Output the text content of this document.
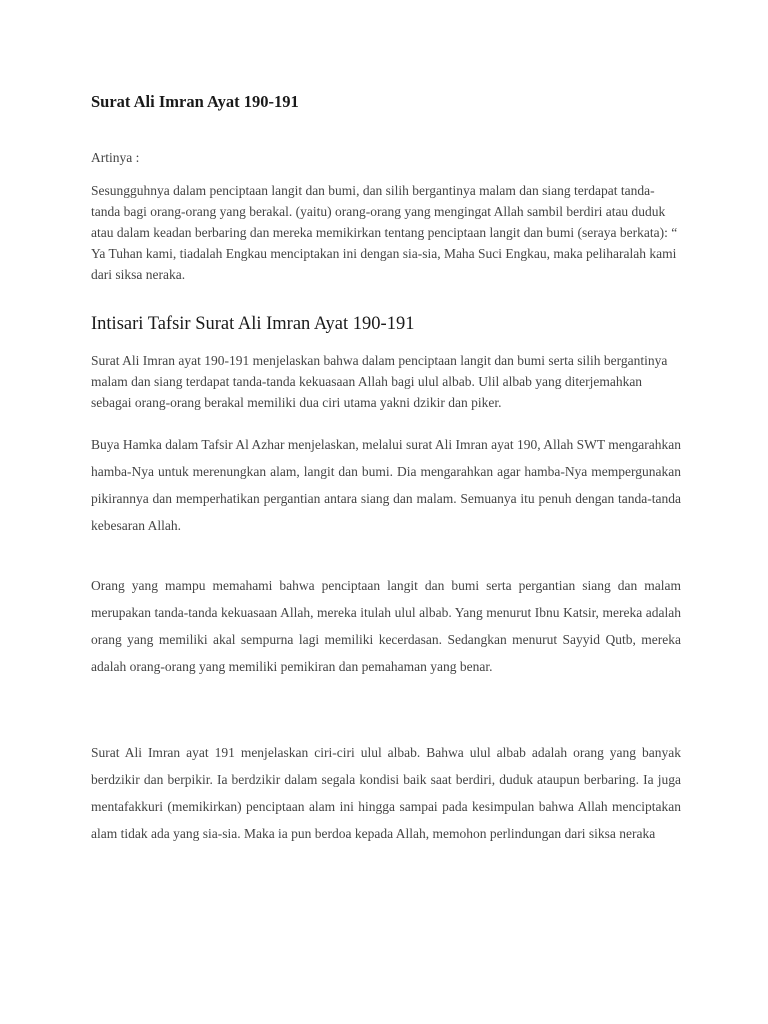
Surat Ali Imran Ayat 190-191

Artinya :

Sesungguhnya dalam penciptaan langit dan bumi, dan silih bergantinya malam dan siang terdapat tanda-tanda bagi orang-orang yang berakal. (yaitu) orang-orang yang mengingat Allah sambil berdiri atau duduk atau dalam keadan berbaring dan mereka memikirkan tentang penciptaan langit dan bumi (seraya berkata): “ Ya Tuhan kami, tiadalah Engkau menciptakan ini dengan sia-sia, Maha Suci Engkau, maka peliharalah kami dari siksa neraka.

Intisari Tafsir Surat Ali Imran Ayat 190-191

Surat Ali Imran ayat 190-191 menjelaskan bahwa dalam penciptaan langit dan bumi serta silih bergantinya malam dan siang terdapat tanda-tanda kekuasaan Allah bagi ulul albab. Ulil albab yang diterjemahkan sebagai orang-orang berakal memiliki dua ciri utama yakni dzikir dan piker.

Buya Hamka dalam Tafsir Al Azhar menjelaskan, melalui surat Ali Imran ayat 190, Allah SWT mengarahkan hamba-Nya untuk merenungkan alam, langit dan bumi. Dia mengarahkan agar hamba-Nya mempergunakan pikirannya dan memperhatikan pergantian antara siang dan malam. Semuanya itu penuh dengan tanda-tanda kebesaran Allah.

Orang yang mampu memahami bahwa penciptaan langit dan bumi serta pergantian siang dan malam merupakan tanda-tanda kekuasaan Allah, mereka itulah ulul albab. Yang menurut Ibnu Katsir, mereka adalah orang yang memiliki akal sempurna lagi memiliki kecerdasan. Sedangkan menurut Sayyid Qutb, mereka adalah orang-orang yang memiliki pemikiran dan pemahaman yang benar.

Surat Ali Imran ayat 191 menjelaskan ciri-ciri ulul albab. Bahwa ulul albab adalah orang yang banyak berdzikir dan berpikir. Ia berdzikir dalam segala kondisi baik saat berdiri, duduk ataupun berbaring. Ia juga mentafakkuri (memikirkan) penciptaan alam ini hingga sampai pada kesimpulan bahwa Allah menciptakan alam tidak ada yang sia-sia. Maka ia pun berdoa kepada Allah, memohon perlindungan dari siksa neraka
